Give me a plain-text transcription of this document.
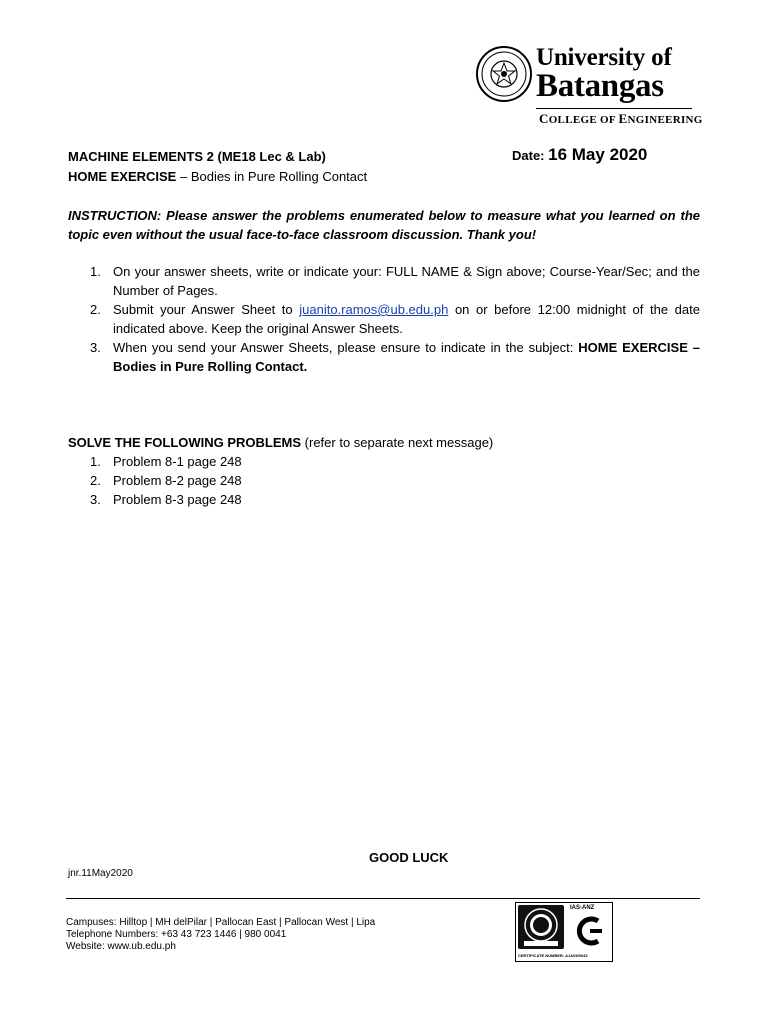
University of
Batangas
COLLEGE OF ENGINEERING
MACHINE ELEMENTS 2 (ME18 Lec & Lab)	Date: 16 May 2020
HOME EXERCISE – Bodies in Pure Rolling Contact
INSTRUCTION: Please answer the problems enumerated below to measure what you learned on the topic even without the usual face-to-face classroom discussion. Thank you!
1. On your answer sheets, write or indicate your: FULL NAME & Sign above; Course-Year/Sec; and the Number of Pages.
2. Submit your Answer Sheet to juanito.ramos@ub.edu.ph on or before 12:00 midnight of the date indicated above. Keep the original Answer Sheets.
3. When you send your Answer Sheets, please ensure to indicate in the subject: HOME EXERCISE – Bodies in Pure Rolling Contact.
SOLVE THE FOLLOWING PROBLEMS (refer to separate next message)
1. Problem 8-1 page 248
2. Problem 8-2 page 248
3. Problem 8-3 page 248
GOOD LUCK
jnr.11May2020
Campuses: Hilltop | MH delPilar | Pallocan East | Pallocan West | Lipa
Telephone Numbers: +63 43 723 1446 | 980 0041
Website: www.ub.edu.ph
IAS-ANZ
CERTIFICATE NUMBER: AJA09/0043
